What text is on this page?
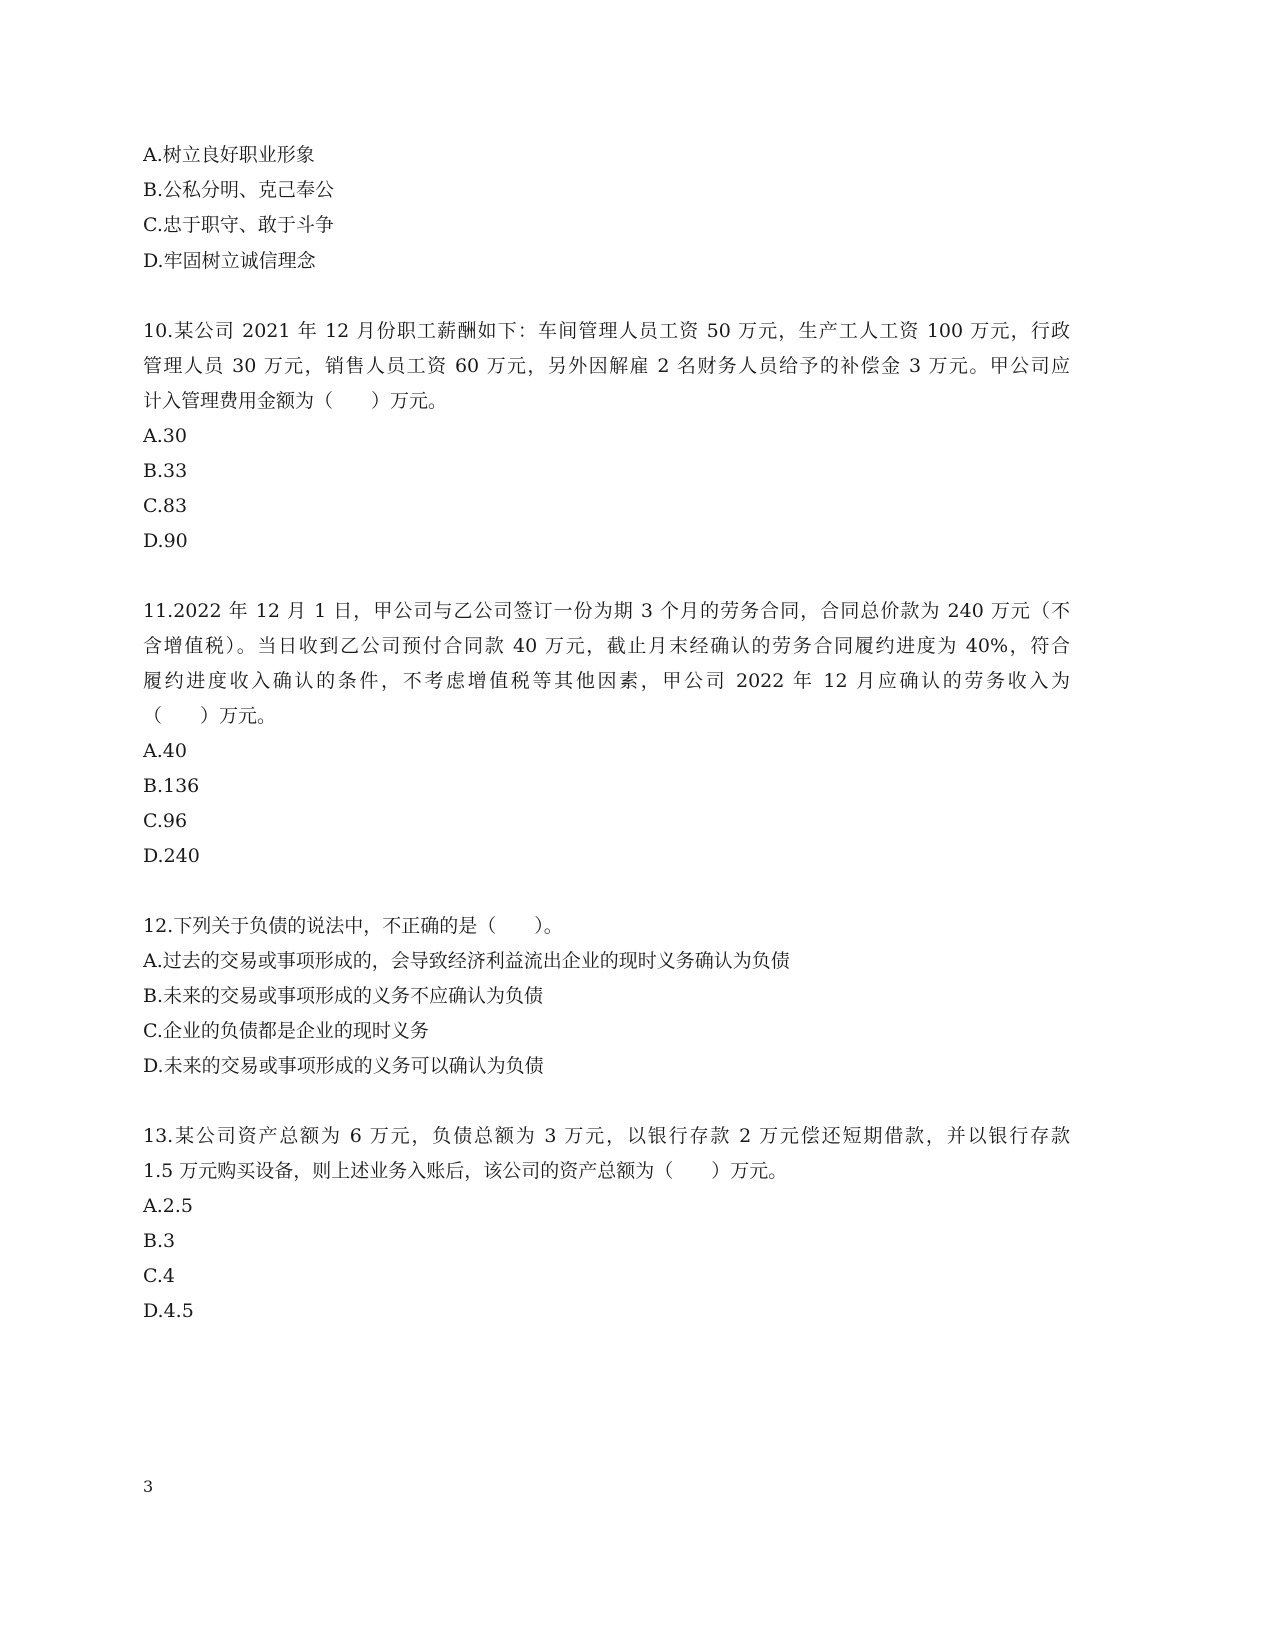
A.树立良好职业形象
B.公私分明、克己奉公
C.忠于职守、敢于斗争
D.牢固树立诚信理念
10.某公司 2021 年 12 月份职工薪酬如下：车间管理人员工资 50 万元，生产工人工资 100 万元，行政
管理人员 30 万元，销售人员工资 60 万元，另外因解雇 2 名财务人员给予的补偿金 3 万元。甲公司应
计入管理费用金额为（　　）万元。
A.30
B.33
C.83
D.90
11.2022 年 12 月 1 日，甲公司与乙公司签订一份为期 3 个月的劳务合同，合同总价款为 240 万元（不
含增值税）。当日收到乙公司预付合同款 40 万元，截止月末经确认的劳务合同履约进度为 40%，符合
履约进度收入确认的条件，不考虑增值税等其他因素，甲公司 2022 年 12 月应确认的劳务收入为
（　　）万元。
A.40
B.136
C.96
D.240
12.下列关于负债的说法中，不正确的是（　　）。
A.过去的交易或事项形成的，会导致经济利益流出企业的现时义务确认为负债
B.未来的交易或事项形成的义务不应确认为负债
C.企业的负债都是企业的现时义务
D.未来的交易或事项形成的义务可以确认为负债
13.某公司资产总额为 6 万元，负债总额为 3 万元，以银行存款 2 万元偿还短期借款，并以银行存款
1.5 万元购买设备，则上述业务入账后，该公司的资产总额为（　　）万元。
A.2.5
B.3
C.4
D.4.5
3
